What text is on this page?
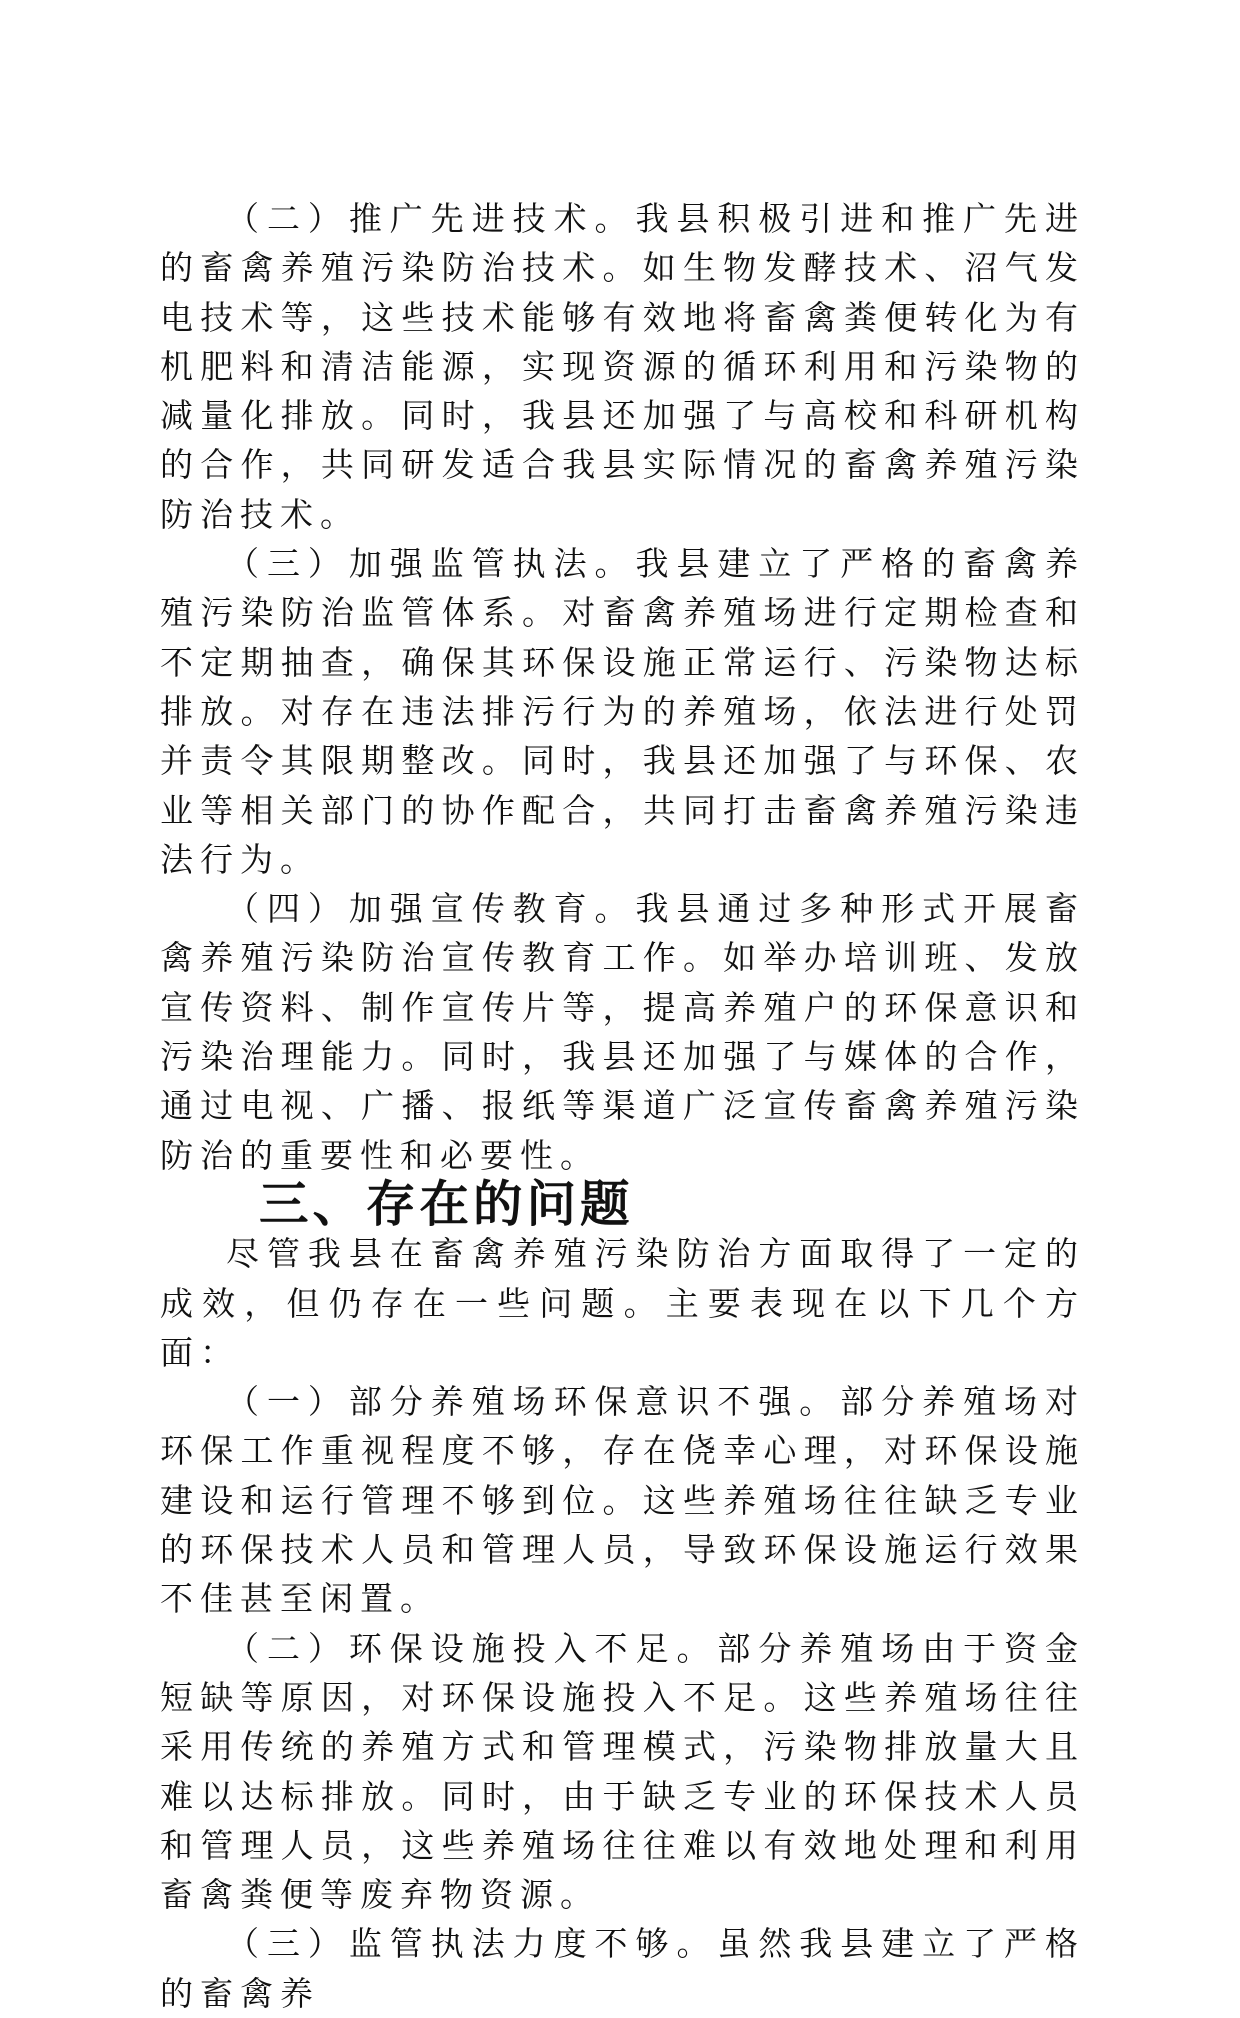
（二）推广先进技术。我县积极引进和推广先进的畜禽养殖污染防治技术。如生物发酵技术、沼气发电技术等，这些技术能够有效地将畜禽粪便转化为有机肥料和清洁能源，实现资源的循环利用和污染物的减量化排放。同时，我县还加强了与高校和科研机构的合作，共同研发适合我县实际情况的畜禽养殖污染防治技术。

（三）加强监管执法。我县建立了严格的畜禽养殖污染防治监管体系。对畜禽养殖场进行定期检查和不定期抽查，确保其环保设施正常运行、污染物达标排放。对存在违法排污行为的养殖场，依法进行处罚并责令其限期整改。同时，我县还加强了与环保、农业等相关部门的协作配合，共同打击畜禽养殖污染违法行为。

（四）加强宣传教育。我县通过多种形式开展畜禽养殖污染防治宣传教育工作。如举办培训班、发放宣传资料、制作宣传片等，提高养殖户的环保意识和污染治理能力。同时，我县还加强了与媒体的合作，通过电视、广播、报纸等渠道广泛宣传畜禽养殖污染防治的重要性和必要性。

三、存在的问题

尽管我县在畜禽养殖污染防治方面取得了一定的成效，但仍存在一些问题。主要表现在以下几个方面：

（一）部分养殖场环保意识不强。部分养殖场对环保工作重视程度不够，存在侥幸心理，对环保设施建设和运行管理不够到位。这些养殖场往往缺乏专业的环保技术人员和管理人员，导致环保设施运行效果不佳甚至闲置。

（二）环保设施投入不足。部分养殖场由于资金短缺等原因，对环保设施投入不足。这些养殖场往往采用传统的养殖方式和管理模式，污染物排放量大且难以达标排放。同时，由于缺乏专业的环保技术人员和管理人员，这些养殖场往往难以有效地处理和利用畜禽粪便等废弃物资源。

（三）监管执法力度不够。虽然我县建立了严格的畜禽养
